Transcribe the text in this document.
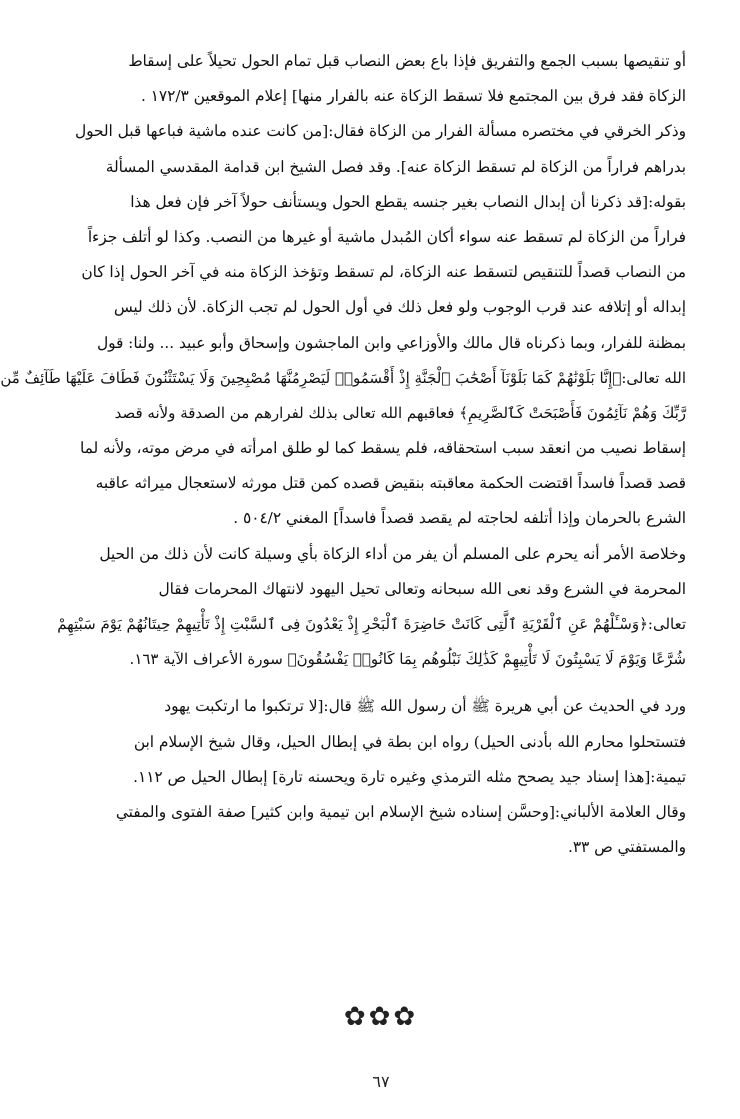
أو تنقيصها بسبب الجمع والتفريق فإذا باع بعض النصاب قبل تمام الحول تحيلاً على إسقاط
الزكاة فقد فرق بين المجتمع فلا تسقط الزكاة عنه بالفرار منها] إعلام الموقعين ١٧٢/٣ .
وذكر الخرقي في مختصره مسألة الفرار من الزكاة فقال:[من كانت عنده ماشية فباعها قبل الحول
بدراهم فراراً من الزكاة لم تسقط الزكاة عنه]. وقد فصل الشيخ ابن قدامة المقدسي المسألة
بقوله:[قد ذكرنا أن إبدال النصاب بغير جنسه يقطع الحول ويستأنف حولاً آخر فإن فعل هذا
فراراً من الزكاة لم تسقط عنه سواء أكان المُبدل ماشية أو غيرها من النصب. وكذا لو أتلف جزءاً
من النصاب قصداً للتنقيص لتسقط عنه الزكاة، لم تسقط وتؤخذ الزكاة منه في آخر الحول إذا كان
إبداله أو إتلافه عند قرب الوجوب ولو فعل ذلك في أول الحول لم تجب الزكاة. لأن ذلك ليس
بمظنة للفرار، وبما ذكرناه قال مالك والأوزاعي وابن الماجشون وإسحاق وأبو عبيد ... ولنا: قول
الله تعالى:﴿إِنَّا بَلَوْنَٰهُمْ كَمَا بَلَوْنَآ أَصْحَٰبَ ٱلْجَنَّةِ إِذْ أَقْسَمُوا۟ لَيَصْرِمُنَّهَا مُصْبِحِينَ وَلَا يَسْتَثْنُونَ فَطَافَ عَلَيْهَا طَآئِفٌ مِّن
رَّبِّكَ وَهُمْ نَآئِمُونَ فَأَصْبَحَتْ كَٱلصَّرِيمِ﴾ فعاقبهم الله تعالى بذلك لفرارهم من الصدقة ولأنه قصد
إسقاط نصيب من انعقد سبب استحقاقه، فلم يسقط كما لو طلق امرأته في مرض موته، ولأنه لما
قصد قصداً فاسداً اقتضت الحكمة معاقبته بنقيض قصده كمن قتل مورثه لاستعجال ميراثه عاقبه
الشرع بالحرمان وإذا أتلفه لحاجته لم يقصد قصداً فاسداً] المغني ٥٠٤/٢ .
وخلاصة الأمر أنه يحرم على المسلم أن يفر من أداء الزكاة بأي وسيلة كانت لأن ذلك من الحيل
المحرمة في الشرع وقد نعى الله سبحانه وتعالى تحيل اليهود لانتهاك المحرمات فقال
تعالى:﴿وَسْـَٔلْهُمْ عَنِ ٱلْقَرْيَةِ ٱلَّتِى كَانَتْ حَاضِرَةَ ٱلْبَحْرِ إِذْ يَعْدُونَ فِى ٱلسَّبْتِ إِذْ تَأْتِيهِمْ حِيتَانُهُمْ يَوْمَ سَبْتِهِمْ
شُرَّعًا وَيَوْمَ لَا يَسْبِتُونَ لَا تَأْتِيهِمْ كَذَٰلِكَ نَبْلُوهُم بِمَا كَانُوا۟ يَفْسُقُونَ﴾ سورة الأعراف الآية ١٦٣.
ورد في الحديث عن أبي هريرة ﷺ أن رسول الله ﷺ قال:[لا ترتكبوا ما ارتكبت يهود
فتستحلوا محارم الله بأدنى الحيل) رواه ابن بطة في إبطال الحيل، وقال شيخ الإسلام ابن
تيمية:[هذا إسناد جيد يصحح مثله الترمذي وغيره تارة ويحسنه تارة] إبطال الحيل ص ١١٢.
وقال العلامة الألباني:[وحسَّن إسناده شيخ الإسلام ابن تيمية وابن كثير] صفة الفتوى والمفتي
والمستفتي ص ٣٣.
✿✿✿
٦٧
